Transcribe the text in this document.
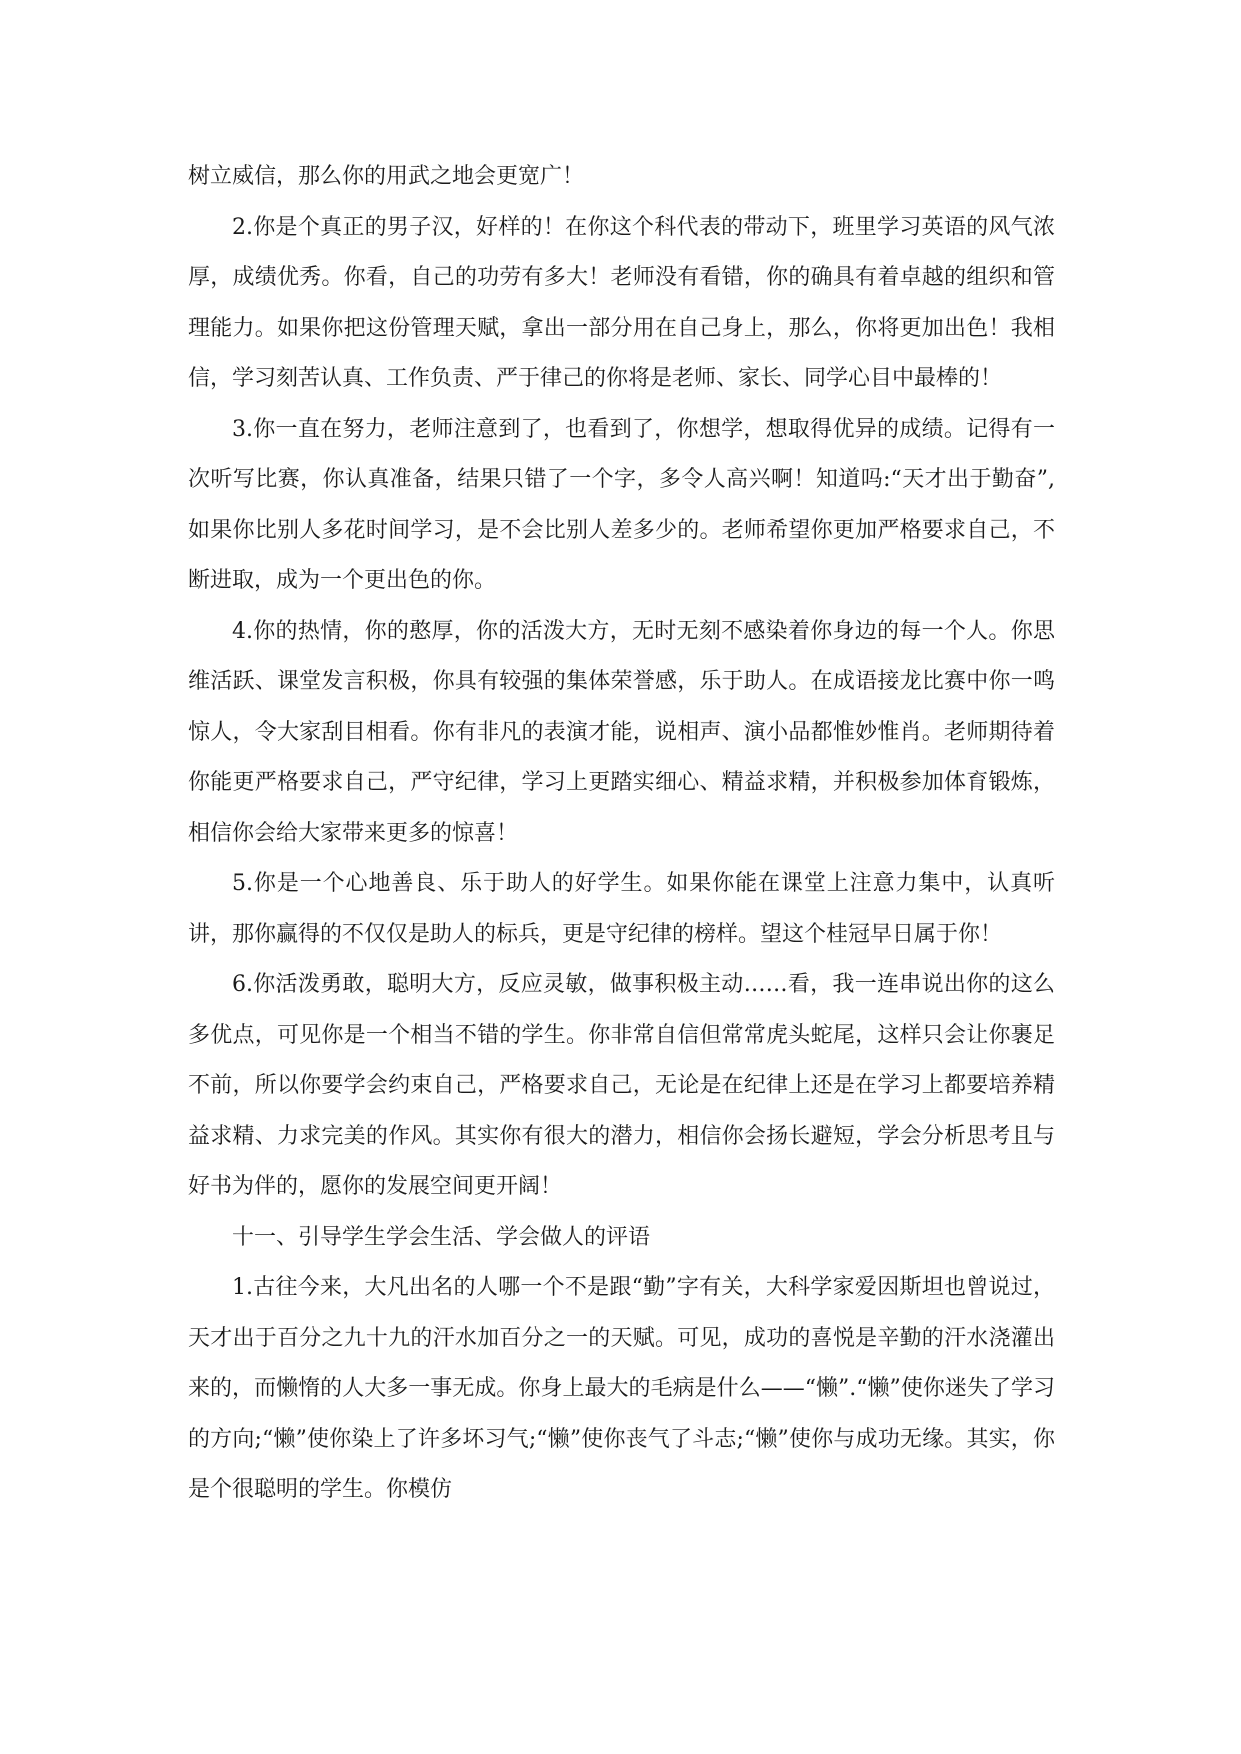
树立威信，那么你的用武之地会更宽广！

2.你是个真正的男子汉，好样的！在你这个科代表的带动下，班里学习英语的风气浓厚，成绩优秀。你看，自己的功劳有多大！老师没有看错，你的确具有着卓越的组织和管理能力。如果你把这份管理天赋，拿出一部分用在自己身上，那么，你将更加出色！我相信，学习刻苦认真、工作负责、严于律己的你将是老师、家长、同学心目中最棒的！

3.你一直在努力，老师注意到了，也看到了，你想学，想取得优异的成绩。记得有一次听写比赛，你认真准备，结果只错了一个字，多令人高兴啊！知道吗:“天才出于勤奋”,如果你比别人多花时间学习，是不会比别人差多少的。老师希望你更加严格要求自己，不断进取，成为一个更出色的你。

4.你的热情，你的憨厚，你的活泼大方，无时无刻不感染着你身边的每一个人。你思维活跃、课堂发言积极，你具有较强的集体荣誉感，乐于助人。在成语接龙比赛中你一鸣惊人，令大家刮目相看。你有非凡的表演才能，说相声、演小品都惟妙惟肖。老师期待着你能更严格要求自己，严守纪律，学习上更踏实细心、精益求精，并积极参加体育锻炼，相信你会给大家带来更多的惊喜！

5.你是一个心地善良、乐于助人的好学生。如果你能在课堂上注意力集中，认真听讲，那你赢得的不仅仅是助人的标兵，更是守纪律的榜样。望这个桂冠早日属于你！

6.你活泼勇敢，聪明大方，反应灵敏，做事积极主动……看，我一连串说出你的这么多优点，可见你是一个相当不错的学生。你非常自信但常常虎头蛇尾，这样只会让你裹足不前，所以你要学会约束自己，严格要求自己，无论是在纪律上还是在学习上都要培养精益求精、力求完美的作风。其实你有很大的潜力，相信你会扬长避短，学会分析思考且与好书为伴的，愿你的发展空间更开阔！

十一、引导学生学会生活、学会做人的评语

1.古往今来，大凡出名的人哪一个不是跟“勤”字有关，大科学家爱因斯坦也曾说过，天才出于百分之九十九的汗水加百分之一的天赋。可见，成功的喜悦是辛勤的汗水浇灌出来的，而懒惰的人大多一事无成。你身上最大的毛病是什么——“懒”.“懒”使你迷失了学习的方向;“懒”使你染上了许多坏习气;“懒”使你丧气了斗志;“懒”使你与成功无缘。其实，你是个很聪明的学生。你模仿
